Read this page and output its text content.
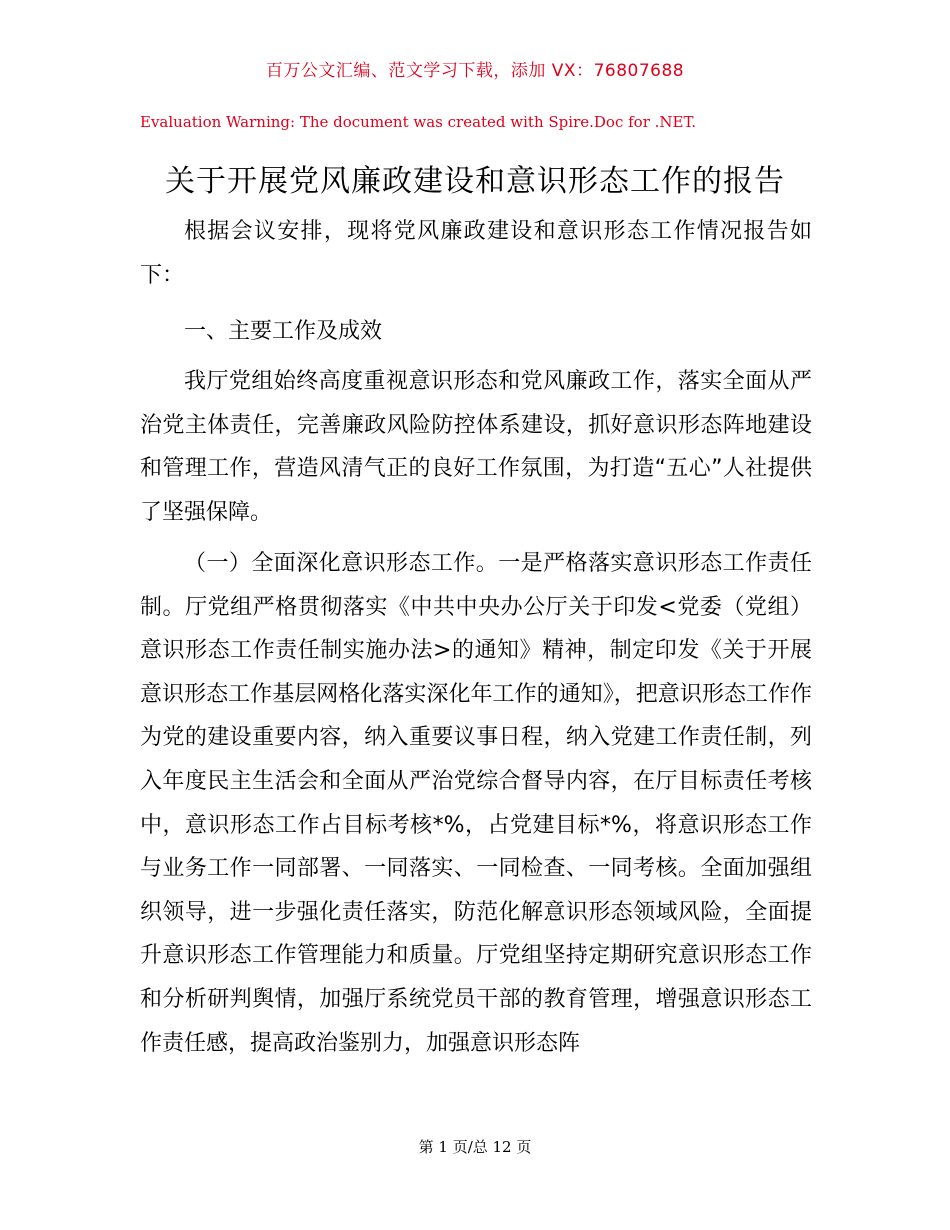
百万公文汇编、范文学习下载，添加 VX：76807688
Evaluation Warning: The document was created with Spire.Doc for .NET.
关于开展党风廉政建设和意识形态工作的报告

根据会议安排，现将党风廉政建设和意识形态工作情况报告如下：

一、主要工作及成效

我厅党组始终高度重视意识形态和党风廉政工作，落实全面从严治党主体责任，完善廉政风险防控体系建设，抓好意识形态阵地建设和管理工作，营造风清气正的良好工作氛围，为打造“五心”人社提供了坚强保障。

（一）全面深化意识形态工作。一是严格落实意识形态工作责任制。厅党组严格贯彻落实《中共中央办公厅关于印发<党委（党组）意识形态工作责任制实施办法>的通知》精神，制定印发《关于开展意识形态工作基层网格化落实深化年工作的通知》，把意识形态工作作为党的建设重要内容，纳入重要议事日程，纳入党建工作责任制，列入年度民主生活会和全面从严治党综合督导内容，在厅目标责任考核中，意识形态工作占目标考核*%，占党建目标*%，将意识形态工作与业务工作一同部署、一同落实、一同检查、一同考核。全面加强组织领导，进一步强化责任落实，防范化解意识形态领域风险，全面提升意识形态工作管理能力和质量。厅党组坚持定期研究意识形态工作和分析研判舆情，加强厅系统党员干部的教育管理，增强意识形态工作责任感，提高政治鉴别力，加强意识形态阵

第 1 页/总 12 页
